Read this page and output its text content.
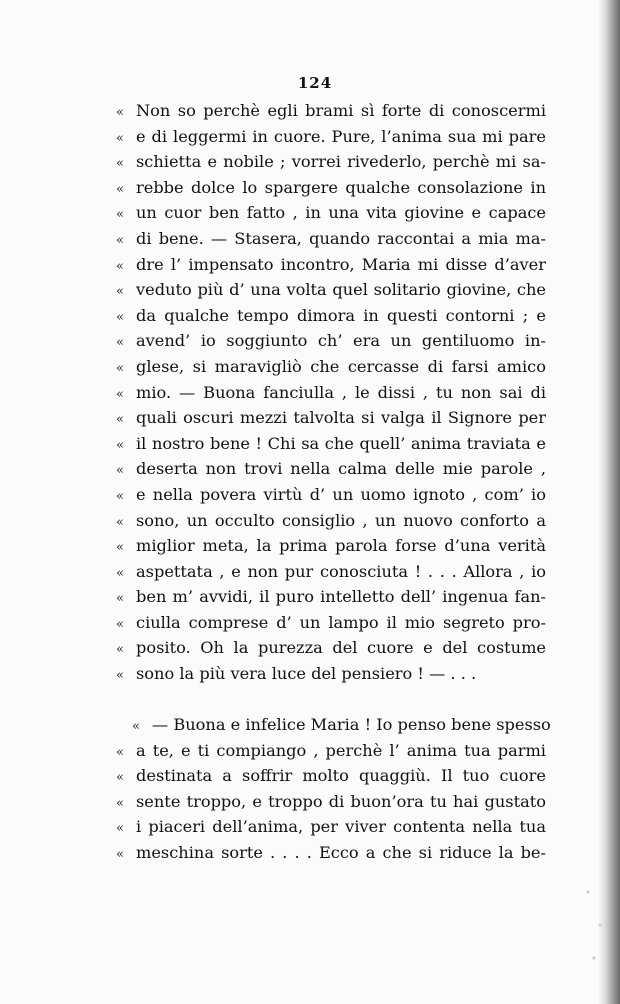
124
« Non so perchè egli brami sì forte di conoscermi
« e di leggermi in cuore. Pure, l’anima sua mi pare
« schietta e nobile ; vorrei rivederlo, perchè mi sa-
« rebbe dolce lo spargere qualche consolazione in
« un cuor ben fatto , in una vita giovine e capace
« di bene. — Stasera, quando raccontai a mia ma-
« dre l’ impensato incontro, Maria mi disse d’aver
« veduto più d’ una volta quel solitario giovine, che
« da qualche tempo dimora in questi contorni ; e
« avend’ io soggiunto ch’ era un gentiluomo in-
« glese, si maravigliò che cercasse di farsi amico
« mio. — Buona fanciulla , le dissi , tu non sai di
« quali oscuri mezzi talvolta si valga il Signore per
« il nostro bene ! Chi sa che quell’ anima traviata e
« deserta non trovi nella calma delle mie parole ,
« e nella povera virtù d’ un uomo ignoto , com’ io
« sono, un occulto consiglio , un nuovo conforto a
« miglior meta, la prima parola forse d’una verità
« aspettata , e non pur conosciuta ! . . . Allora , io
« ben m’ avvidi, il puro intelletto dell’ ingenua fan-
« ciulla comprese d’ un lampo il mio segreto pro-
« posito. Oh la purezza del cuore e del costume
« sono la più vera luce del pensiero ! — . . .
« — Buona e infelice Maria ! Io penso bene spesso
« a te, e ti compiango , perchè l’ anima tua parmi
« destinata a soffrir molto quaggiù. Il tuo cuore
« sente troppo, e troppo di buon’ora tu hai gustato
« i piaceri dell’anima, per viver contenta nella tua
« meschina sorte . . . . Ecco a che si riduce la be-
